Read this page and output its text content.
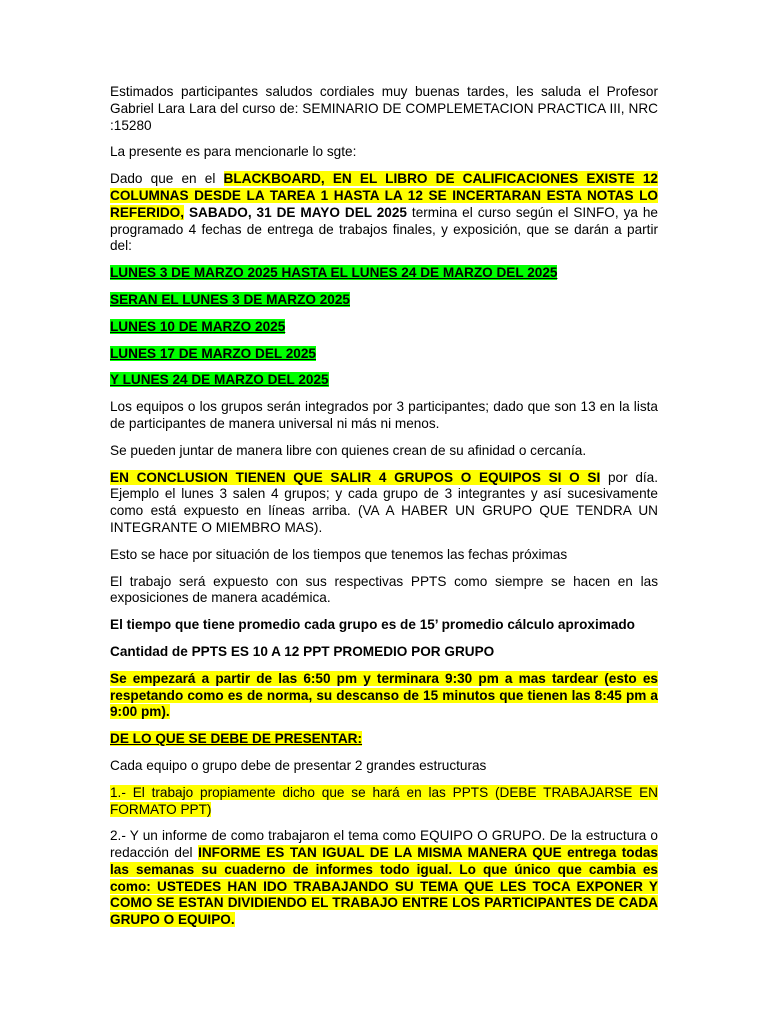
Estimados participantes saludos cordiales muy buenas tardes, les saluda el Profesor Gabriel Lara Lara del curso de: SEMINARIO DE COMPLEMETACION PRACTICA III, NRC :15280

La presente es para mencionarle lo sgte:

Dado que en el BLACKBOARD, EN EL LIBRO DE CALIFICACIONES EXISTE 12 COLUMNAS DESDE LA TAREA 1 HASTA LA 12 SE INCERTARAN ESTA NOTAS LO REFERIDO, SABADO, 31 DE MAYO DEL 2025 termina el curso según el SINFO, ya he programado 4 fechas de entrega de trabajos finales, y exposición, que se darán a partir del:

LUNES 3 DE MARZO 2025 HASTA EL LUNES 24 DE MARZO DEL 2025

SERAN EL LUNES 3 DE MARZO 2025

LUNES 10 DE MARZO 2025

LUNES 17 DE MARZO DEL 2025

Y LUNES 24 DE MARZO DEL 2025

Los equipos o los grupos serán integrados por 3 participantes; dado que son 13 en la lista de participantes de manera universal ni más ni menos.

Se pueden juntar de manera libre con quienes crean de su afinidad o cercanía.

EN CONCLUSION TIENEN QUE SALIR 4 GRUPOS O EQUIPOS SI O SI por día. Ejemplo el lunes 3 salen 4 grupos; y cada grupo de 3 integrantes y así sucesivamente como está expuesto en líneas arriba. (VA A HABER UN GRUPO QUE TENDRA UN INTEGRANTE O MIEMBRO MAS).

Esto se hace por situación de los tiempos que tenemos las fechas próximas

El trabajo será expuesto con sus respectivas PPTS como siempre se hacen en las exposiciones de manera académica.

El tiempo que tiene promedio cada grupo es de 15’ promedio cálculo aproximado

Cantidad de PPTS ES 10 A 12 PPT PROMEDIO POR GRUPO

Se empezará a partir de las 6:50 pm y terminara 9:30 pm a mas tardear (esto es respetando como es de norma, su descanso de 15 minutos que tienen las 8:45 pm a 9:00 pm).

DE LO QUE SE DEBE DE PRESENTAR:

Cada equipo o grupo debe de presentar 2 grandes estructuras

1.- El trabajo propiamente dicho que se hará en las PPTS (DEBE TRABAJARSE EN FORMATO PPT)

2.- Y un informe de como trabajaron el tema como EQUIPO O GRUPO. De la estructura o redacción del INFORME ES TAN IGUAL DE LA MISMA MANERA QUE entrega todas las semanas su cuaderno de informes todo igual. Lo que único que cambia es como: USTEDES HAN IDO TRABAJANDO SU TEMA QUE LES TOCA EXPONER Y COMO SE ESTAN DIVIDIENDO EL TRABAJO ENTRE LOS PARTICIPANTES DE CADA GRUPO O EQUIPO.
